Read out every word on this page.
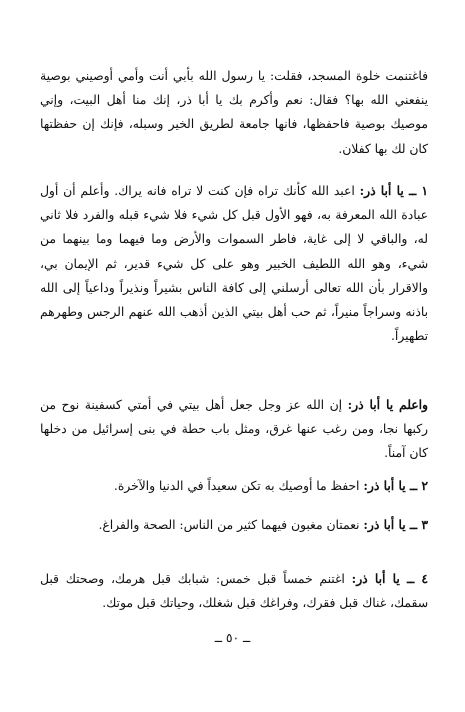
فاغتنمت خلوة المسجد، فقلت: يا رسول الله بأبي أنت وأمي أوصيني بوصية ينفعني الله بها؟ فقال: نعم وأكرم بك يا أبا ذر، إنك منا أهل البيت، وإني موصيك بوصية فاحفظها، فانها جامعة لطريق الخير وسبله، فإنك إن حفظتها كان لك بها كفلان.

١ ــ يا أبا ذر: اعبد الله كأنك تراه فإن كنت لا تراه فانه يراك. وأعلم أن أول عبادة الله المعرفة به، فهو الأول قبل كل شيء فلا شيء قبله والفرد فلا ثاني له، والباقي لا إلى غاية، فاطر السموات والأرض وما فيهما وما بينهما من شيء، وهو الله اللطيف الخبير وهو على كل شيء قدير، ثم الإيمان بي، والاقرار بأن الله تعالى أرسلني إلى كافة الناس بشيراً ونذيراً وداعياً إلى الله باذنه وسراجاً منيراً، ثم حب أهل بيتي الذين أذهب الله عنهم الرجس وطهرهم تطهيراً.

واعلم يا أبا ذر: إن الله عز وجل جعل أهل بيتي في أمتي كسفينة نوح من ركبها نجا، ومن رغب عنها غرق، ومثل باب حطة في بنى إسرائيل من دخلها كان آمناً.

٢ ــ يا أبا ذر: احفظ ما أوصيك به تكن سعيداً في الدنيا والآخرة.

٣ ــ يا أبا ذر: نعمتان مغبون فيهما كثير من الناس: الصحة والفراغ.

٤ ــ يا أبا ذر: اغتنم خمساً قبل خمس: شبابك قبل هرمك، وصحتك قبل سقمك، غناك قبل فقرك، وفراغك قبل شغلك، وحياتك قبل موتك.

ــ ٥٠ ــ
